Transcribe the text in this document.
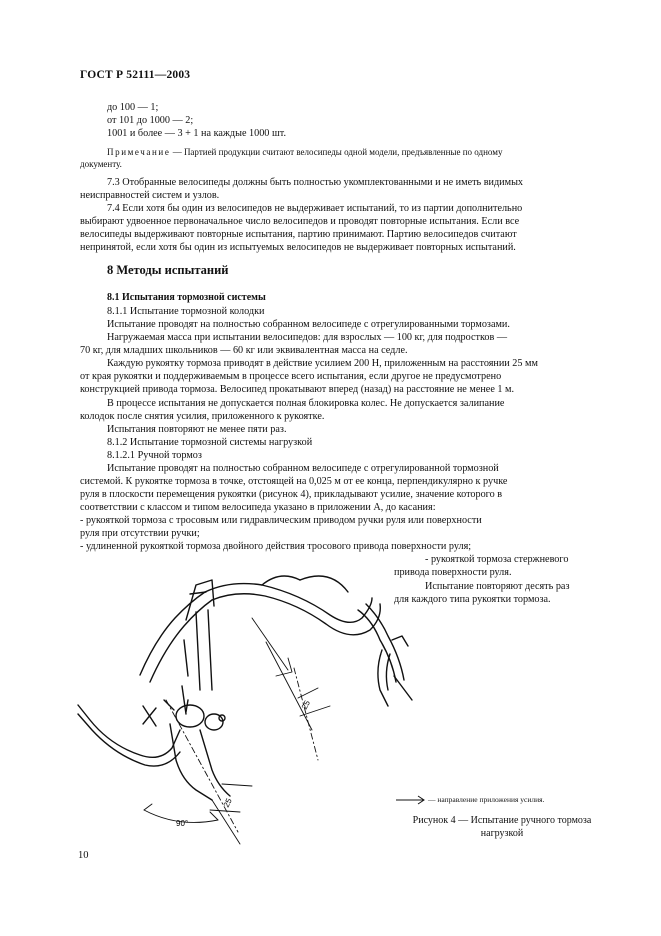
ГОСТ Р 52111—2003
до 100 — 1;
от 101 до 1000 — 2;
1001 и более — 3 + 1 на каждые 1000 шт.
Примечание — Партией продукции считают велосипеды одной модели, предъявленные по одному
документу.
7.3 Отобранные велосипеды должны быть полностью укомплектованными и не иметь видимых
неисправностей систем и узлов.
7.4 Если хотя бы один из велосипедов не выдерживает испытаний, то из партии дополнительно
выбирают удвоенное первоначальное число велосипедов и проводят повторные испытания. Если все
велосипеды выдерживают повторные испытания, партию принимают. Партию велосипедов считают
непринятой, если хотя бы один из испытуемых велосипедов не выдерживает повторных испытаний.
8 Методы испытаний
8.1 Испытания тормозной системы
8.1.1 Испытание тормозной колодки
Испытание проводят на полностью собранном велосипеде с отрегулированными тормозами.
Нагружаемая масса при испытании велосипедов: для взрослых — 100 кг, для подростков —
70 кг, для младших школьников — 60 кг или эквивалентная масса на седле.
Каждую рукоятку тормоза приводят в действие усилием 200 Н, приложенным на расстоянии 25 мм
от края рукоятки и поддерживаемым в процессе всего испытания, если другое не предусмотрено
конструкцией привода тормоза. Велосипед прокатывают вперед (назад) на расстояние не менее 1 м.
В процессе испытания не допускается полная блокировка колес. Не допускается залипание
колодок после снятия усилия, приложенного к рукоятке.
Испытания повторяют не менее пяти раз.
8.1.2 Испытание тормозной системы нагрузкой
8.1.2.1 Ручной тормоз
Испытание проводят на полностью собранном велосипеде с отрегулированной тормозной
системой. К рукоятке тормоза в точке, отстоящей на 0,025 м от ее конца, перпендикулярно к ручке
руля в плоскости перемещения рукоятки (рисунок 4), прикладывают усилие, значение которого в
соответствии с классом и типом велосипеда указано в приложении А, до касания:
- рукояткой тормоза с тросовым или гидравлическим приводом ручки руля или поверхности
руля при отсутствии ручки;
- удлиненной рукояткой тормоза двойного действия тросового привода поверхности руля;
- рукояткой тормоза стержневого
привода поверхности руля.
Испытание повторяют десять раз
для каждого типа рукоятки тормоза.
25
25
90°
— направление приложения усилия.
Рисунок 4 — Испытание ручного тормоза
нагрузкой
10
